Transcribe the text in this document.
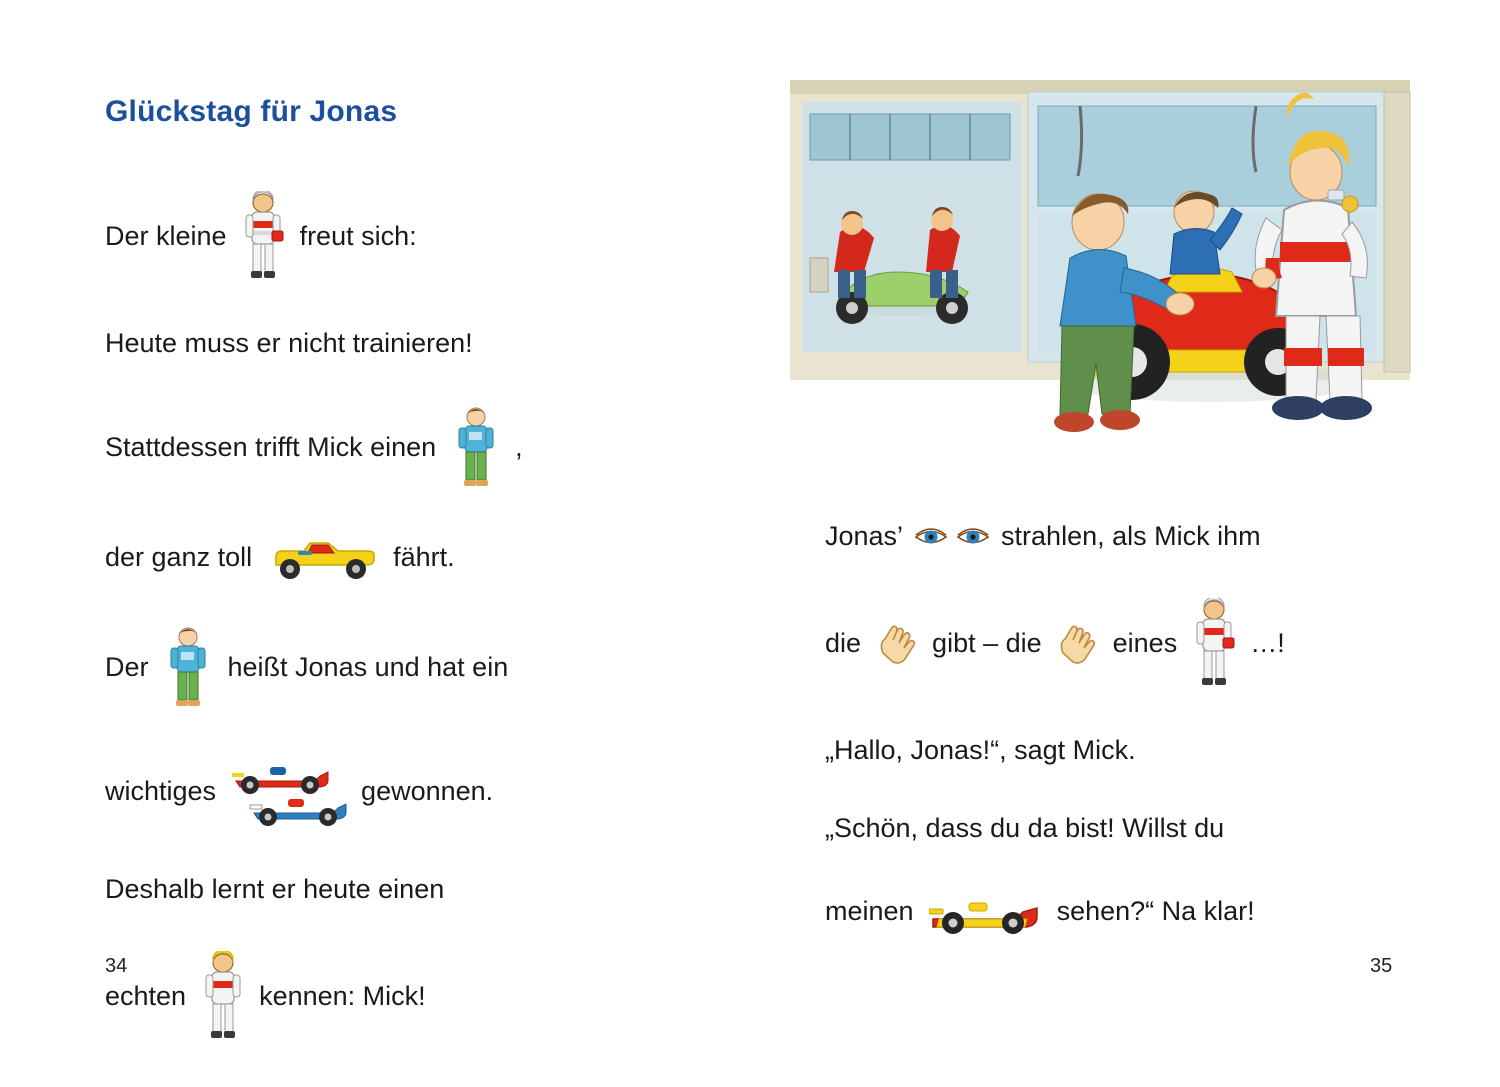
Glückstag für Jonas
Der kleine freut sich:
Heute muss er nicht trainieren!
Stattdessen trifft Mick einen ,
der ganz toll	fährt.
Der heißt Jonas und hat ein
wichtiges	gewonnen.
Deshalb lernt er heute einen
echten kennen: Mick!
Jonas’	strahlen, als Mick ihm
die gibt – die eines …!
„Hallo, Jonas!“, sagt Mick.
„Schön, dass du da bist! Willst du
meinen	sehen?“ Na klar!
34	35
